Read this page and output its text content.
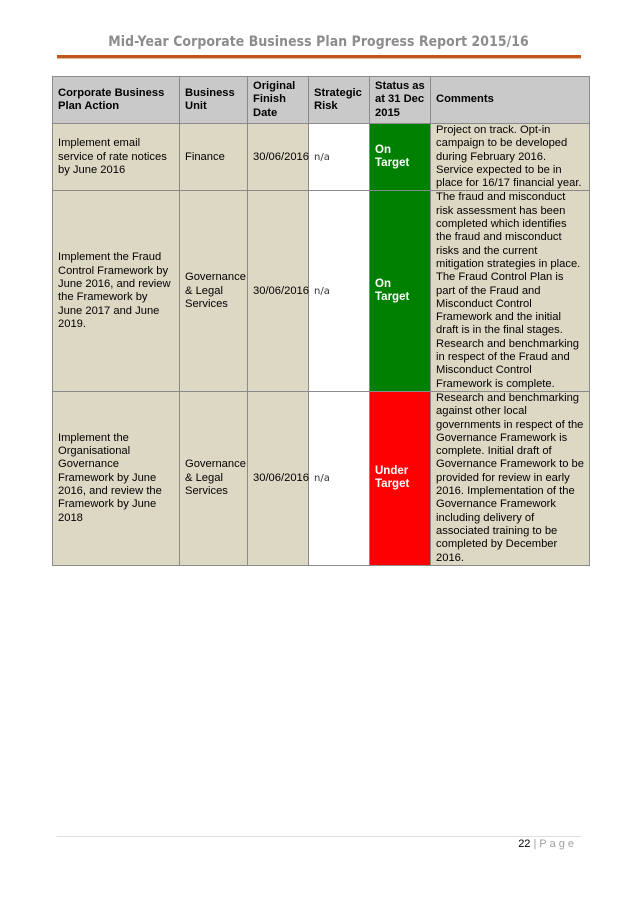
Mid-Year Corporate Business Plan Progress Report 2015/16
Corporate Business Plan Action	Business Unit	Original Finish Date	Strategic Risk	Status as at 31 Dec 2015	Comments
Implement email service of rate notices by June 2016	Finance	30/06/2016	n/a	On Target	Project on track. Opt-in campaign to be developed during February 2016. Service expected to be in place for 16/17 financial year.
Implement the Fraud Control Framework by June 2016, and review the Framework by June 2017 and June 2019.	Governance & Legal Services	30/06/2016	n/a	On Target	The fraud and misconduct risk assessment has been completed which identifies the fraud and misconduct risks and the current mitigation strategies in place. The Fraud Control Plan is part of the Fraud and Misconduct Control Framework and the initial draft is in the final stages. Research and benchmarking in respect of the Fraud and Misconduct Control Framework is complete.
Implement the Organisational Governance Framework by June 2016, and review the Framework by June 2018	Governance & Legal Services	30/06/2016	n/a	Under Target	Research and benchmarking against other local governments in respect of the Governance Framework is complete. Initial draft of Governance Framework to be provided for review in early 2016. Implementation of the Governance Framework including delivery of associated training to be completed by December 2016.
22 | Page
